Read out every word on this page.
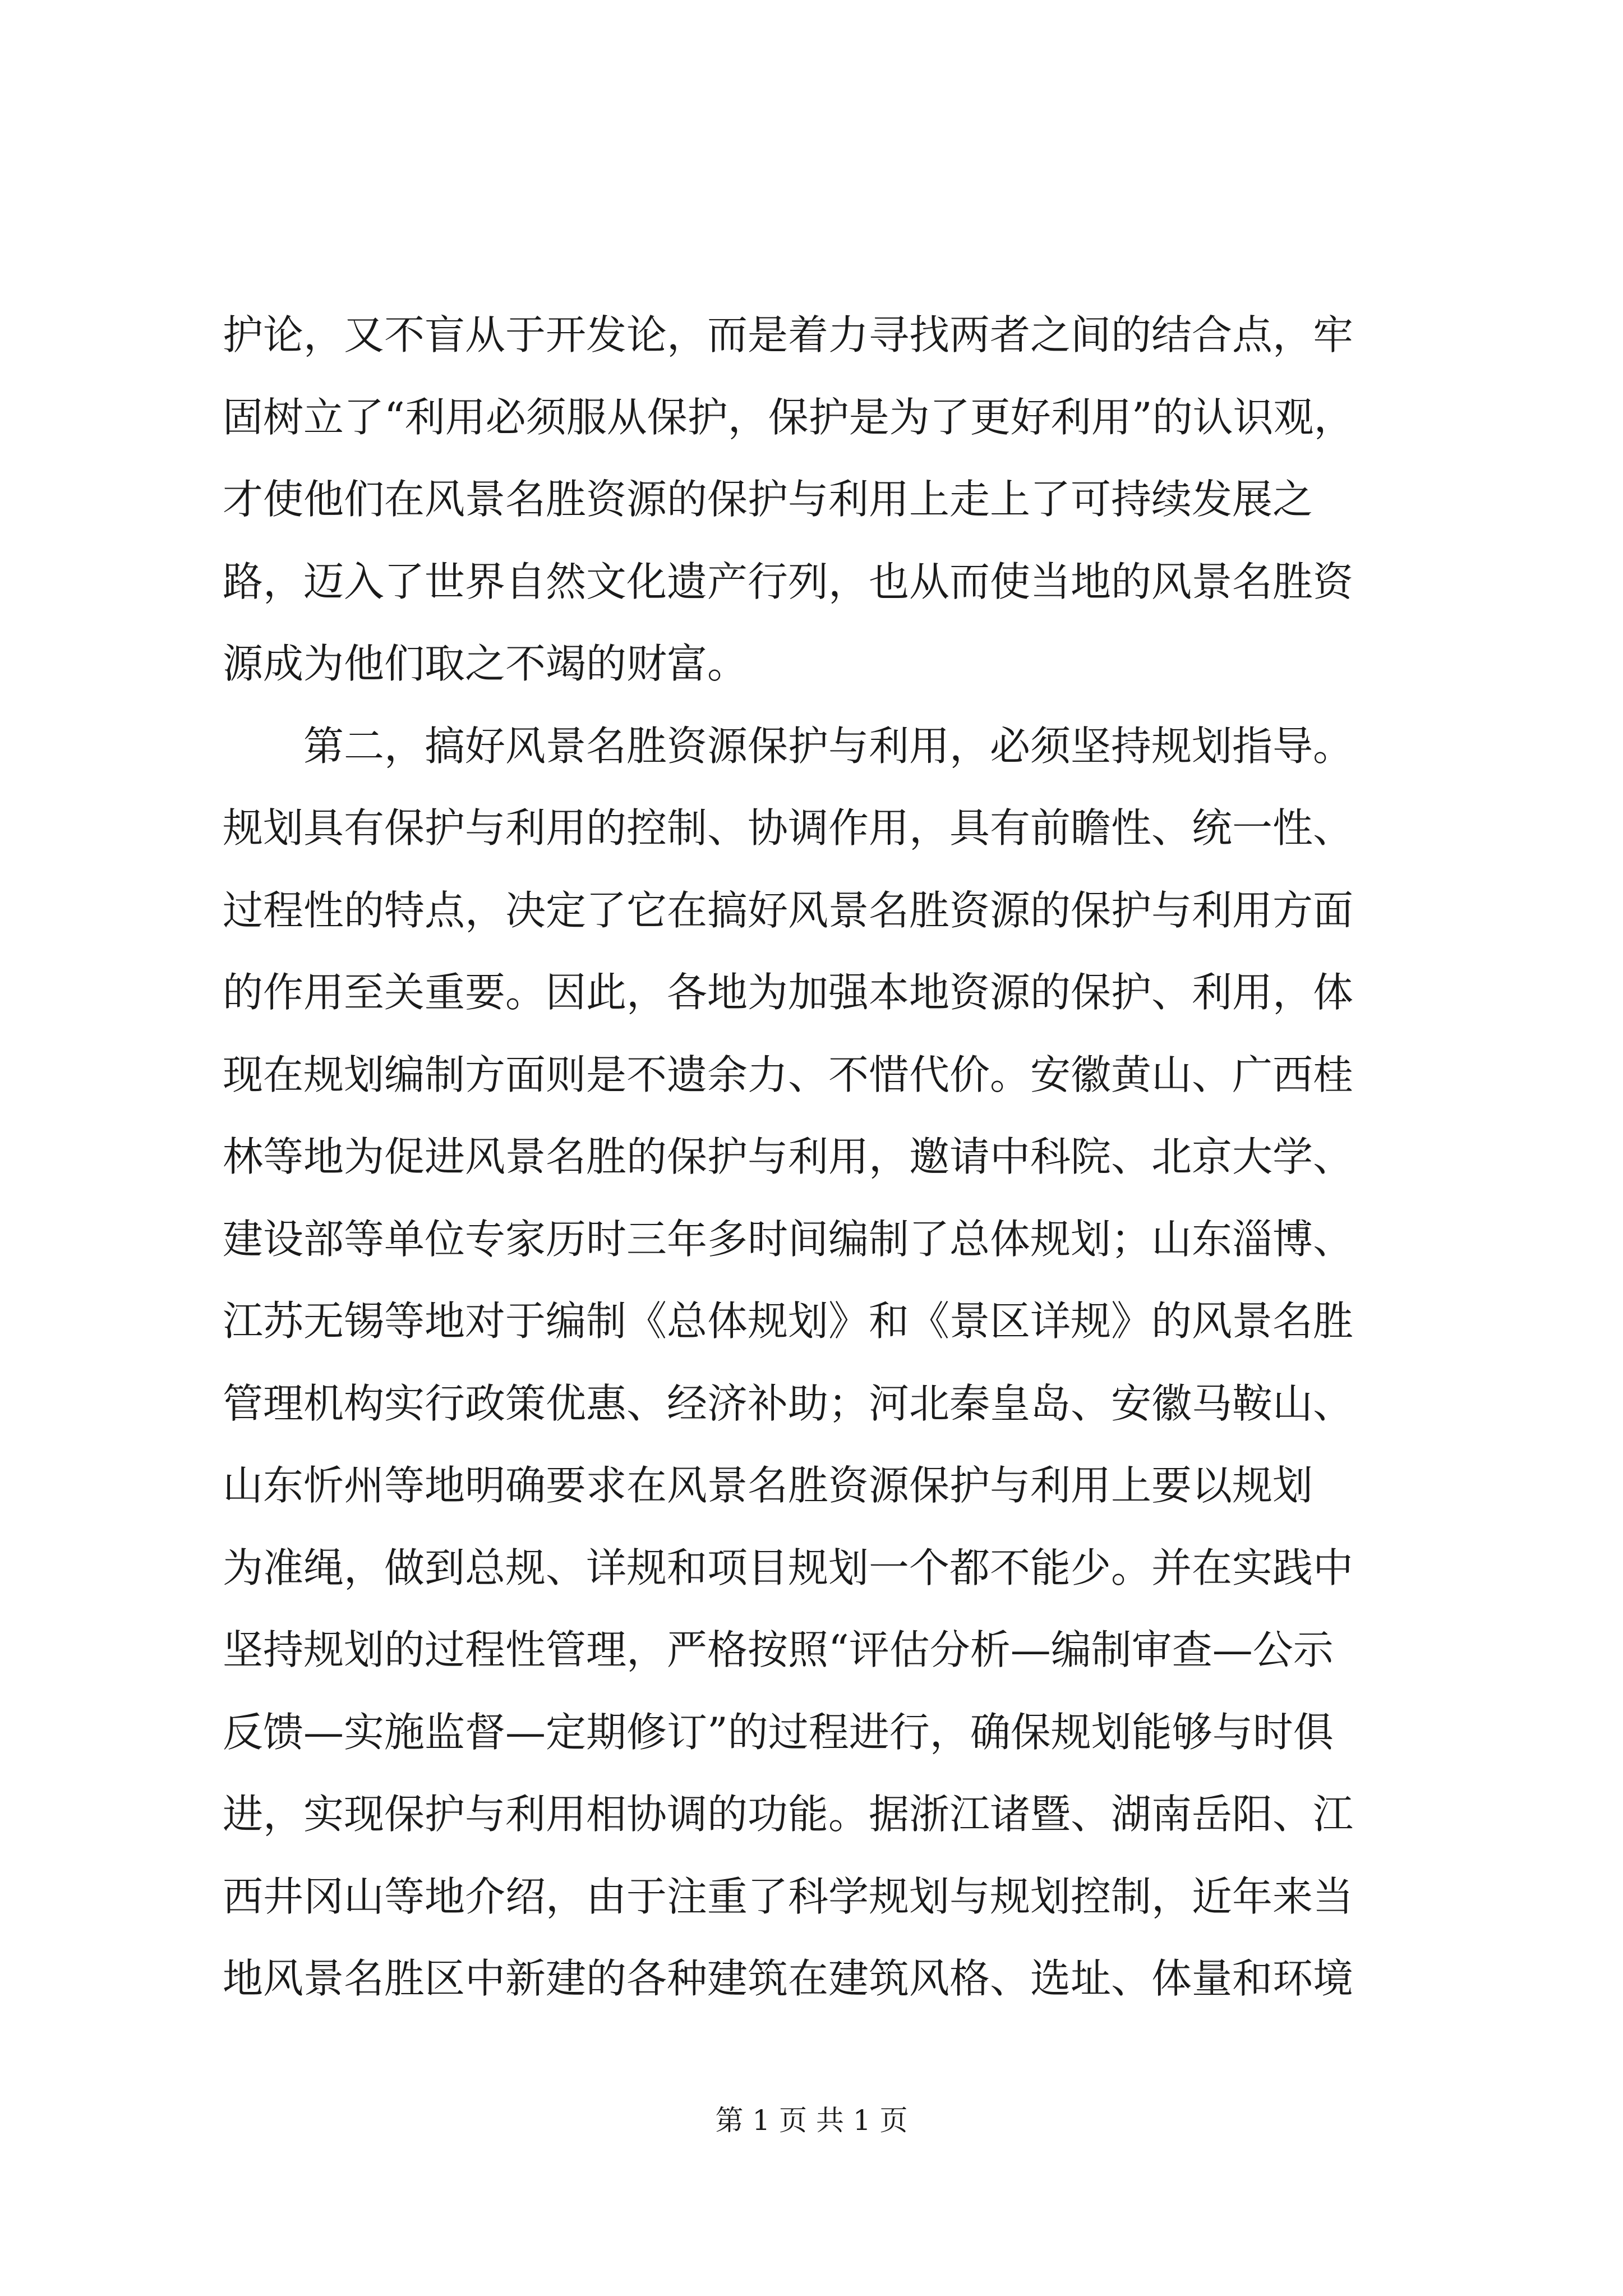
护论，又不盲从于开发论，而是着力寻找两者之间的结合点，牢
固树立了“利用必须服从保护，保护是为了更好利用”的认识观，
才使他们在风景名胜资源的保护与利用上走上了可持续发展之
路，迈入了世界自然文化遗产行列，也从而使当地的风景名胜资
源成为他们取之不竭的财富。
　　第二，搞好风景名胜资源保护与利用，必须坚持规划指导。
规划具有保护与利用的控制、协调作用，具有前瞻性、统一性、
过程性的特点，决定了它在搞好风景名胜资源的保护与利用方面
的作用至关重要。因此，各地为加强本地资源的保护、利用，体
现在规划编制方面则是不遗余力、不惜代价。安徽黄山、广西桂
林等地为促进风景名胜的保护与利用，邀请中科院、北京大学、
建设部等单位专家历时三年多时间编制了总体规划；山东淄博、
江苏无锡等地对于编制《总体规划》和《景区详规》的风景名胜
管理机构实行政策优惠、经济补助；河北秦皇岛、安徽马鞍山、
山东忻州等地明确要求在风景名胜资源保护与利用上要以规划
为准绳，做到总规、详规和项目规划一个都不能少。并在实践中
坚持规划的过程性管理，严格按照“评估分析—编制审查—公示
反馈—实施监督—定期修订”的过程进行，确保规划能够与时俱
进，实现保护与利用相协调的功能。据浙江诸暨、湖南岳阳、江
西井冈山等地介绍，由于注重了科学规划与规划控制，近年来当
地风景名胜区中新建的各种建筑在建筑风格、选址、体量和环境
第 1 页 共 1 页
